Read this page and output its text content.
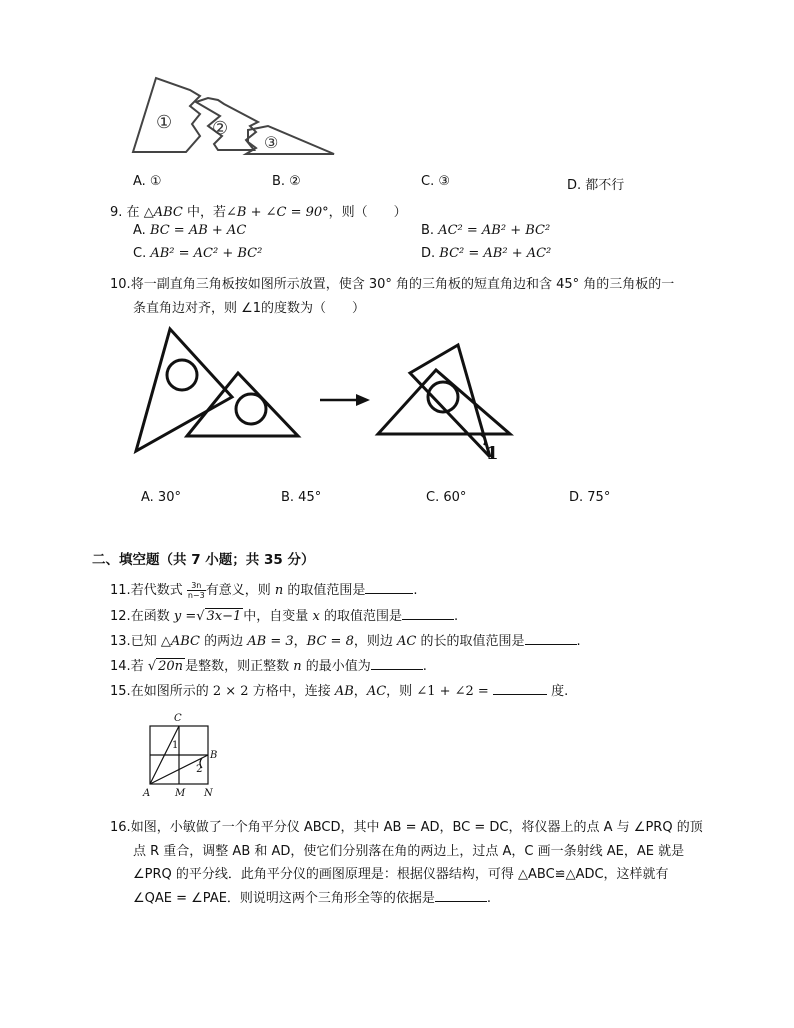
① ②
③
A. ①	B. ②	C. ③	D. 都不行
9. 在 △ABC 中，若∠B + ∠C = 90°，则（　　）
A. BC = AB + AC	B. AC² = AB² + BC²
C. AB² = AC² + BC²	D. BC² = AB² + AC²
10.将一副直角三角板按如图所示放置，使含 30° 角的三角板的短直角边和含 45° 角的三角板的一
条直角边对齐，则 ∠1的度数为（　　）
1
A. 30°	B. 45°	C. 60°	D. 75°
二、填空题（共 7 小题；共 35 分）
11.若代数式 $\frac{3n}{n-3}$ 有意义，则 n 的取值范围是	.
12.在函数 y =√ 3x−1 中，自变量 x 的取值范围是	.
13.已知 △ABC 的两边 AB = 3，BC = 8，则边 AC 的长的取值范围是	.
14.若 √ 20n 是整数，则正整数 n 的最小值为	.
15.在如图所示的 2 × 2 方格中，连接 AB，AC，则 ∠1 + ∠2 =	度.
C
B
A M N
1
2
16.如图，小敏做了一个角平分仪 ABCD，其中 AB = AD，BC = DC，将仪器上的点 A 与 ∠PRQ 的顶
点 R 重合，调整 AB 和 AD，使它们分别落在角的两边上，过点 A，C 画一条射线 AE，AE 就是
∠PRQ 的平分线．此角平分仪的画图原理是：根据仪器结构，可得 △ABC≌△ADC，这样就有
∠QAE = ∠PAE．则说明这两个三角形全等的依据是	.
